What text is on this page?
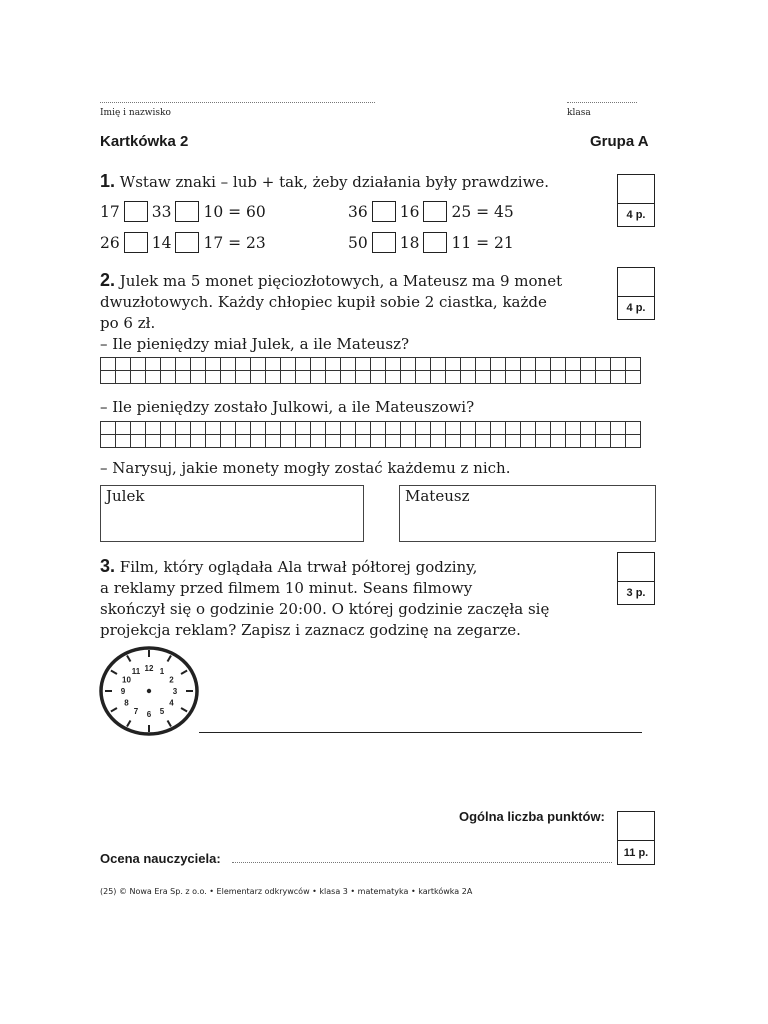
Imię i nazwisko	klasa
Kartkówka 2	Grupa A
1. Wstaw znaki – lub + tak, żeby działania były prawdziwe.
4 p.
17 33 10 = 60	36 16 25 = 45
26 14 17 = 23	50 18 11 = 21
2. Julek ma 5 monet pięciozłotowych, a Mateusz ma 9 monet
dwuzłotowych. Każdy chłopiec kupił sobie 2 ciastka, każde
po 6 zł.
– Ile pieniędzy miał Julek, a ile Mateusz?
4 p.

– Ile pieniędzy zostało Julkowi, a ile Mateuszowi?

– Narysuj, jakie monety mogły zostać każdemu z nich.
Julek	Mateusz
3. Film, który oglądała Ala trwał półtorej godziny,
a reklamy przed filmem 10 minut. Seans filmowy
skończył się o godzinie 20:00. O której godzinie zaczęła się
projekcja reklam? Zapisz i zaznacz godzinę na zegarze.
3 p.
12 1
2
3
4
5
6
7
8
9
10
11
Ogólna liczba punktów:
11 p.
Ocena nauczyciela:
(25) © Nowa Era Sp. z o.o. • Elementarz odkrywców • klasa 3 • matematyka • kartkówka 2A
